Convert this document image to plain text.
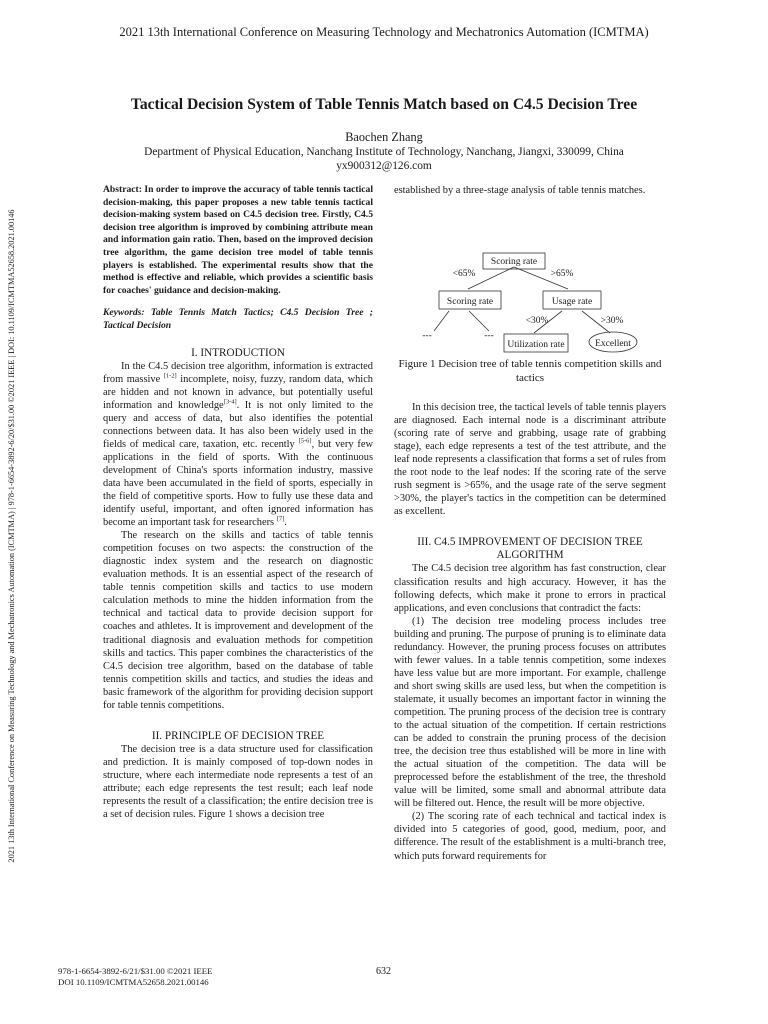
2021 13th International Conference on Measuring Technology and Mechatronics Automation (ICMTMA)
2021 13th International Conference on Measuring Technology and Mechatronics Automation (ICMTMA) | 978-1-6654-3892-6/20/$31.00 ©2021 IEEE | DOI: 10.1109/ICMTMA52658.2021.00146
Tactical Decision System of Table Tennis Match based on C4.5 Decision Tree
Baochen Zhang
Department of Physical Education, Nanchang Institute of Technology, Nanchang, Jiangxi, 330099, China
yx900312@126.com

Abstract: In order to improve the accuracy of table tennis tactical decision-making, this paper proposes a new table tennis tactical decision-making system based on C4.5 decision tree. Firstly, C4.5 decision tree algorithm is improved by combining attribute mean and information gain ratio. Then, based on the improved decision tree algorithm, the game decision tree model of table tennis players is established. The experimental results show that the method is effective and reliable, which provides a scientific basis for coaches' guidance and decision-making.

Keywords: Table Tennis Match Tactics; C4.5 Decision Tree ; Tactical Decision

I. INTRODUCTION

In the C4.5 decision tree algorithm, information is extracted from massive [1-2] incomplete, noisy, fuzzy, random data, which are hidden and not known in advance, but potentially useful information and knowledge[3-4]. It is not only limited to the query and access of data, but also identifies the potential connections between data. It has also been widely used in the fields of medical care, taxation, etc. recently [5-6], but very few applications in the field of sports. With the continuous development of China's sports information industry, massive data have been accumulated in the field of sports, especially in the field of competitive sports. How to fully use these data and identify useful, important, and often ignored information has become an important task for researchers [7].

The research on the skills and tactics of table tennis competition focuses on two aspects: the construction of the diagnostic index system and the research on diagnostic evaluation methods. It is an essential aspect of the research of table tennis competition skills and tactics to use modern calculation methods to mine the hidden information from the technical and tactical data to provide decision support for coaches and athletes. It is improvement and development of the traditional diagnosis and evaluation methods for competition skills and tactics. This paper combines the characteristics of the C4.5 decision tree algorithm, based on the database of table tennis competition skills and tactics, and studies the ideas and basic framework of the algorithm for providing decision support for table tennis competitions.

II. PRINCIPLE OF DECISION TREE

The decision tree is a data structure used for classification and prediction. It is mainly composed of top-down nodes in structure, where each intermediate node represents a test of an attribute; each edge represents the test result; each leaf node represents the result of a classification; the entire decision tree is a set of decision rules. Figure 1 shows a decision tree

established by a three-stage analysis of table tennis matches.

Scoring rate
Scoring rate	Usage rate
Utilization rate	Excellent
<65%	>65%
<30%	>30%
---	---

Figure 1 Decision tree of table tennis competition skills and tactics

In this decision tree, the tactical levels of table tennis players are diagnosed. Each internal node is a discriminant attribute (scoring rate of serve and grabbing, usage rate of grabbing stage), each edge represents a test of the test attribute, and the leaf node represents a classification that forms a set of rules from the root node to the leaf nodes: If the scoring rate of the serve rush segment is >65%, and the usage rate of the serve segment >30%, the player's tactics in the competition can be determined as excellent.

III. C4.5 IMPROVEMENT OF DECISION TREE

ALGORITHM

The C4.5 decision tree algorithm has fast construction, clear classification results and high accuracy. However, it has the following defects, which make it prone to errors in practical applications, and even conclusions that contradict the facts:

(1) The decision tree modeling process includes tree building and pruning. The purpose of pruning is to eliminate data redundancy. However, the pruning process focuses on attributes with fewer values. In a table tennis competition, some indexes have less value but are more important. For example, challenge and short swing skills are used less, but when the competition is stalemate, it usually becomes an important factor in winning the competition. The pruning process of the decision tree is contrary to the actual situation of the competition. If certain restrictions can be added to constrain the pruning process of the decision tree, the decision tree thus established will be more in line with the actual situation of the competition. The data will be preprocessed before the establishment of the tree, the threshold value will be limited, some small and abnormal attribute data will be filtered out. Hence, the result will be more objective.

(2) The scoring rate of each technical and tactical index is divided into 5 categories of good, good, medium, poor, and difference. The result of the establishment is a multi-branch tree, which puts forward requirements for

978-1-6654-3892-6/21/$31.00 ©2021 IEEE
DOI 10.1109/ICMTMA52658.2021.00146
632
